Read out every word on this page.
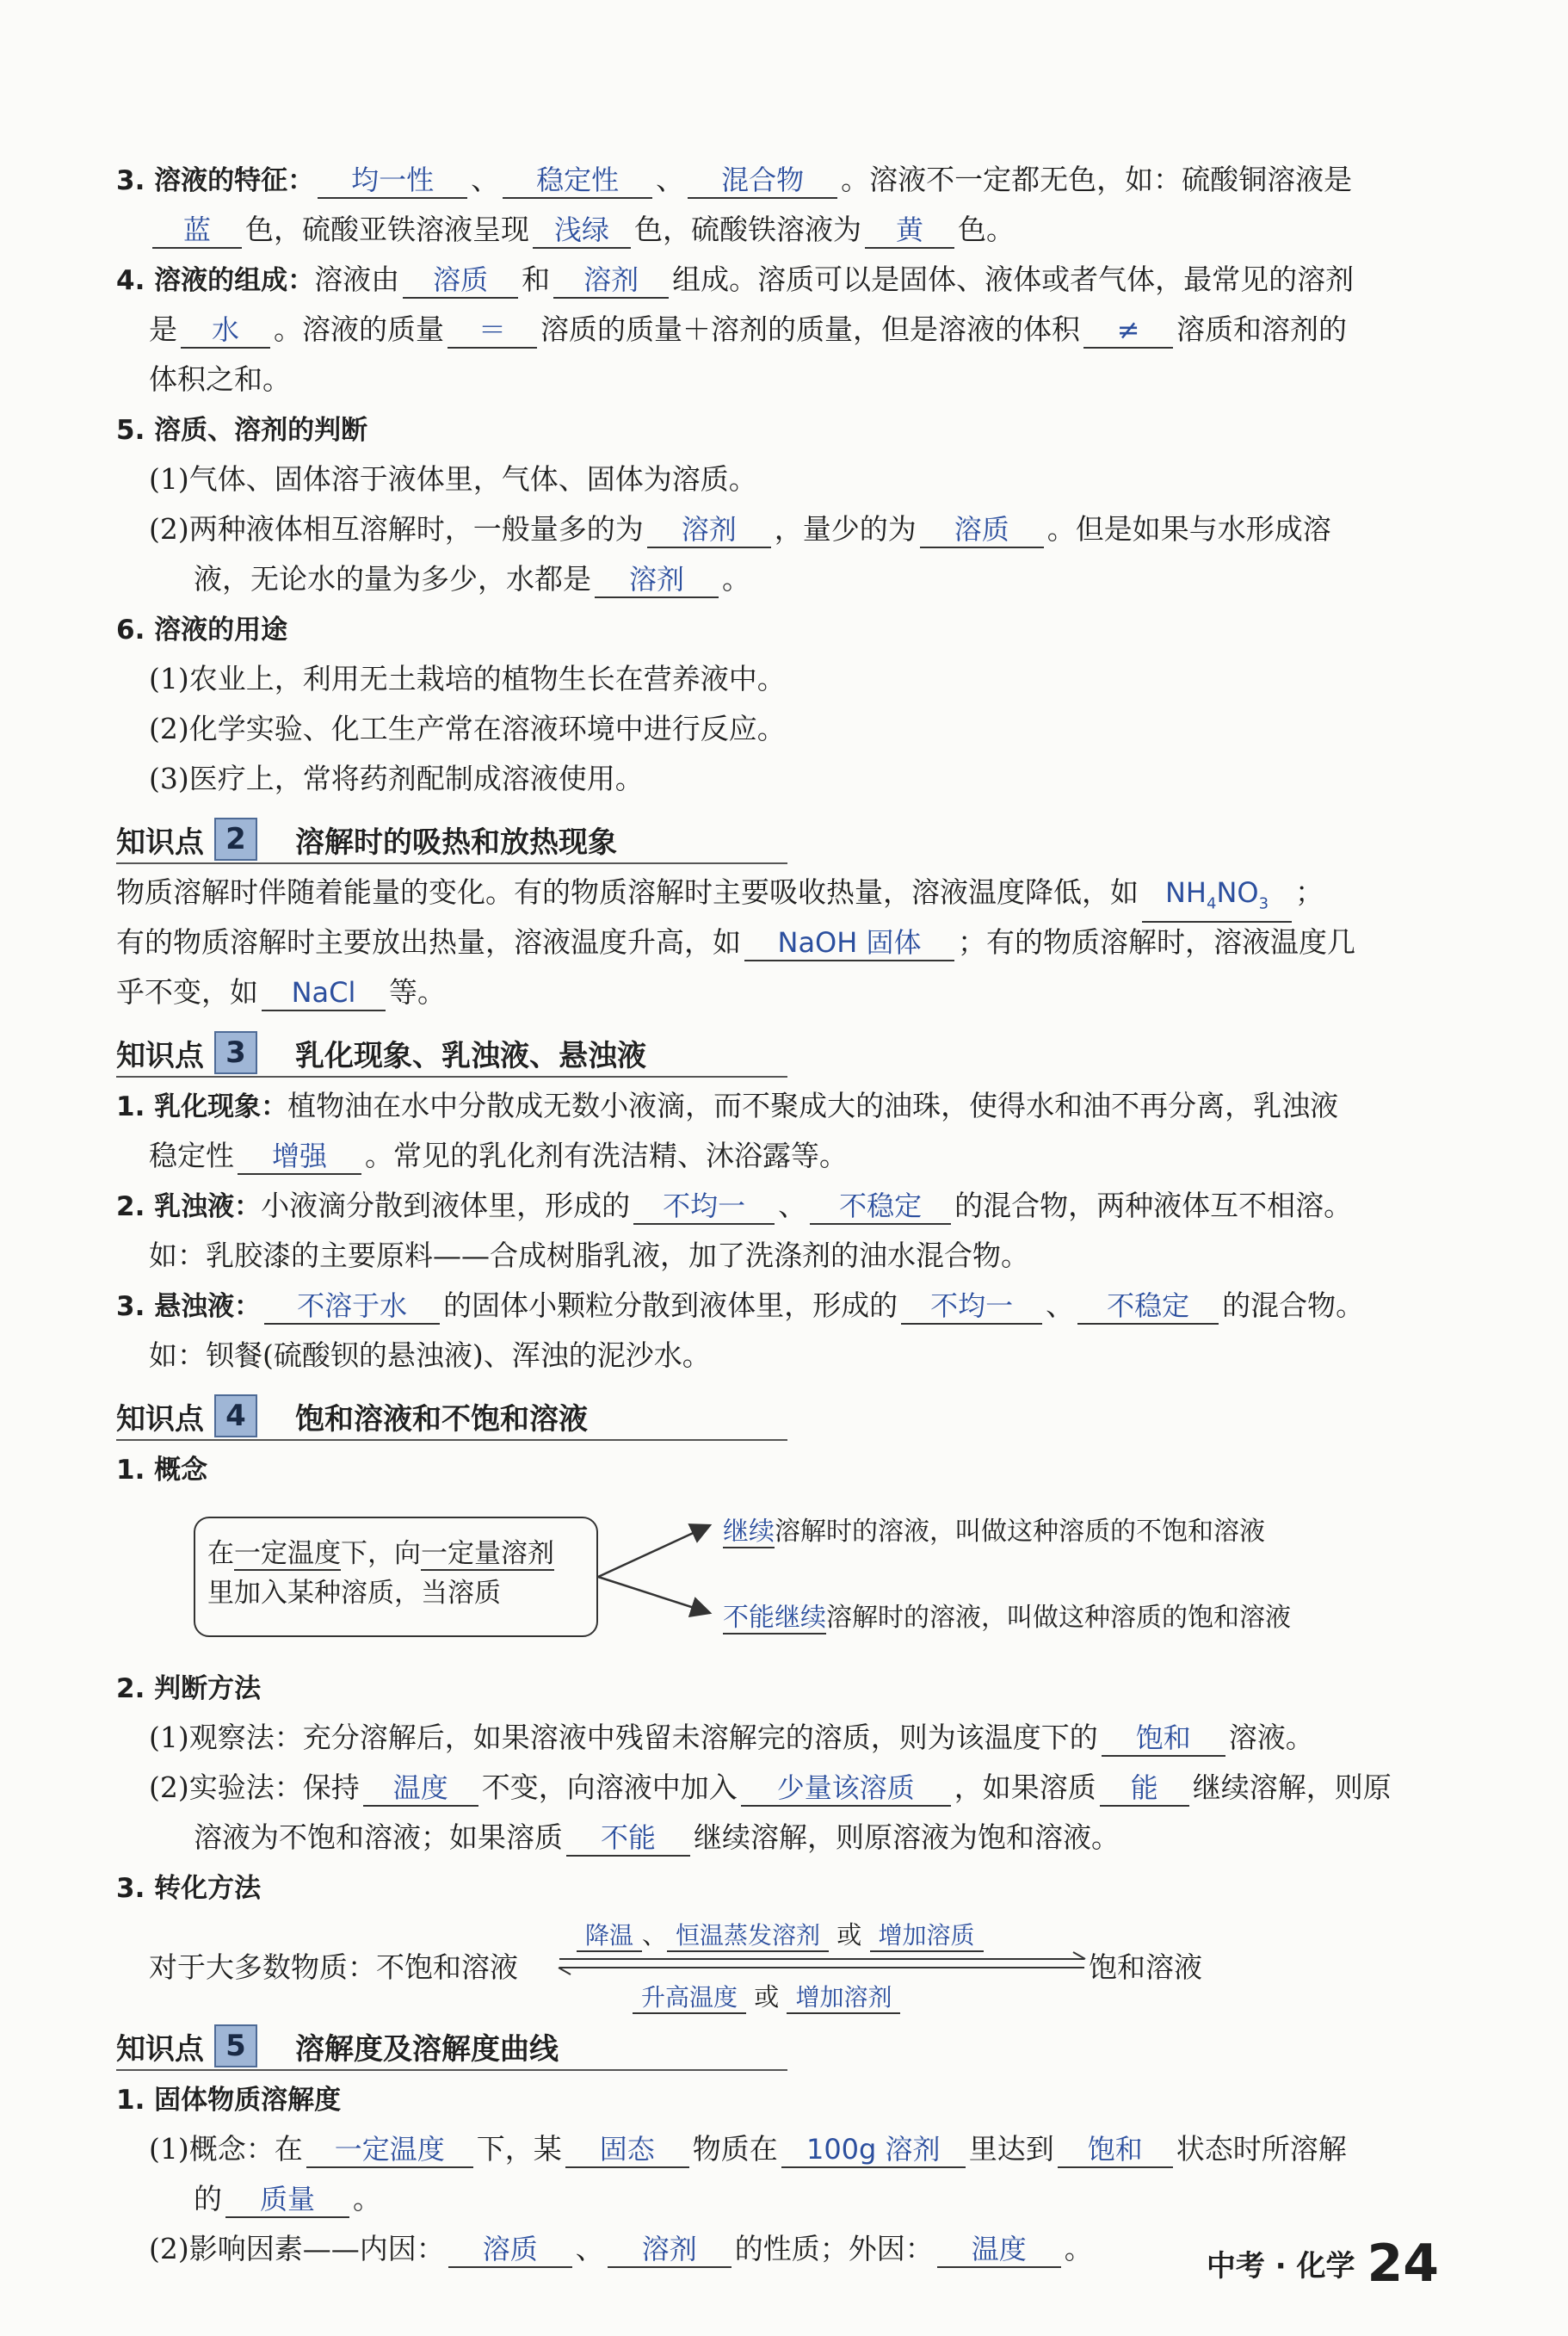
3. 溶液的特征： 均一性 、 稳定性 、 混合物 。溶液不一定都无色，如：硫酸铜溶液是
蓝 色，硫酸亚铁溶液呈现 浅绿 色，硫酸铁溶液为 黄 色。
4. 溶液的组成：溶液由 溶质 和 溶剂 组成。溶质可以是固体、液体或者气体，最常见的溶剂
是 水 。溶液的质量 ＝ 溶质的质量＋溶剂的质量，但是溶液的体积 ≠ 溶质和溶剂的
体积之和。
5. 溶质、溶剂的判断
(1)气体、固体溶于液体里，气体、固体为溶质。
(2)两种液体相互溶解时，一般量多的为 溶剂 ，量少的为 溶质 。但是如果与水形成溶
液，无论水的量为多少，水都是 溶剂 。
6. 溶液的用途
(1)农业上，利用无土栽培的植物生长在营养液中。
(2)化学实验、化工生产常在溶液环境中进行反应。
(3)医疗上，常将药剂配制成溶液使用。
知识点 2	溶解时的吸热和放热现象
物质溶解时伴随着能量的变化。有的物质溶解时主要吸收热量，溶液温度降低，如 $NH_4NO_3$ ；
有的物质溶解时主要放出热量，溶液温度升高，如 NaOH 固体 ；有的物质溶解时，溶液温度几
乎不变，如 NaCl 等。
知识点 3	乳化现象、乳浊液、悬浊液
1. 乳化现象：植物油在水中分散成无数小液滴，而不聚成大的油珠，使得水和油不再分离，乳浊液
稳定性 增强 。常见的乳化剂有洗洁精、沐浴露等。
2. 乳浊液：小液滴分散到液体里，形成的 不均一 、 不稳定 的混合物，两种液体互不相溶。
如：乳胶漆的主要原料——合成树脂乳液，加了洗涤剂的油水混合物。
3. 悬浊液： 不溶于水 的固体小颗粒分散到液体里，形成的 不均一 、 不稳定 的混合物。
如：钡餐(硫酸钡的悬浊液)、浑浊的泥沙水。
知识点 4	饱和溶液和不饱和溶液
1. 概念
在一定温度下，向一定量溶剂
里加入某种溶质，当溶质
继续溶解时的溶液，叫做这种溶质的不饱和溶液
不能继续溶解时的溶液，叫做这种溶质的饱和溶液
2. 判断方法
(1)观察法：充分溶解后，如果溶液中残留未溶解完的溶质，则为该温度下的 饱和 溶液。
(2)实验法：保持 温度 不变，向溶液中加入 少量该溶质 ，如果溶质 能 继续溶解，则原
溶液为不饱和溶液；如果溶质 不能 继续溶解，则原溶液为饱和溶液。
3. 转化方法
降温 、 恒温蒸发溶剂 或 增加溶质
对于大多数物质：不饱和溶液	饱和溶液
升高温度 或 增加溶剂
知识点 5	溶解度及溶解度曲线
1. 固体物质溶解度
(1)概念：在 一定温度 下，某 固态 物质在 100g 溶剂 里达到 饱和 状态时所溶解
的 质量 。
(2)影响因素——内因： 溶质 、 溶剂 的性质；外因： 温度 。
中考 · 化学 24
